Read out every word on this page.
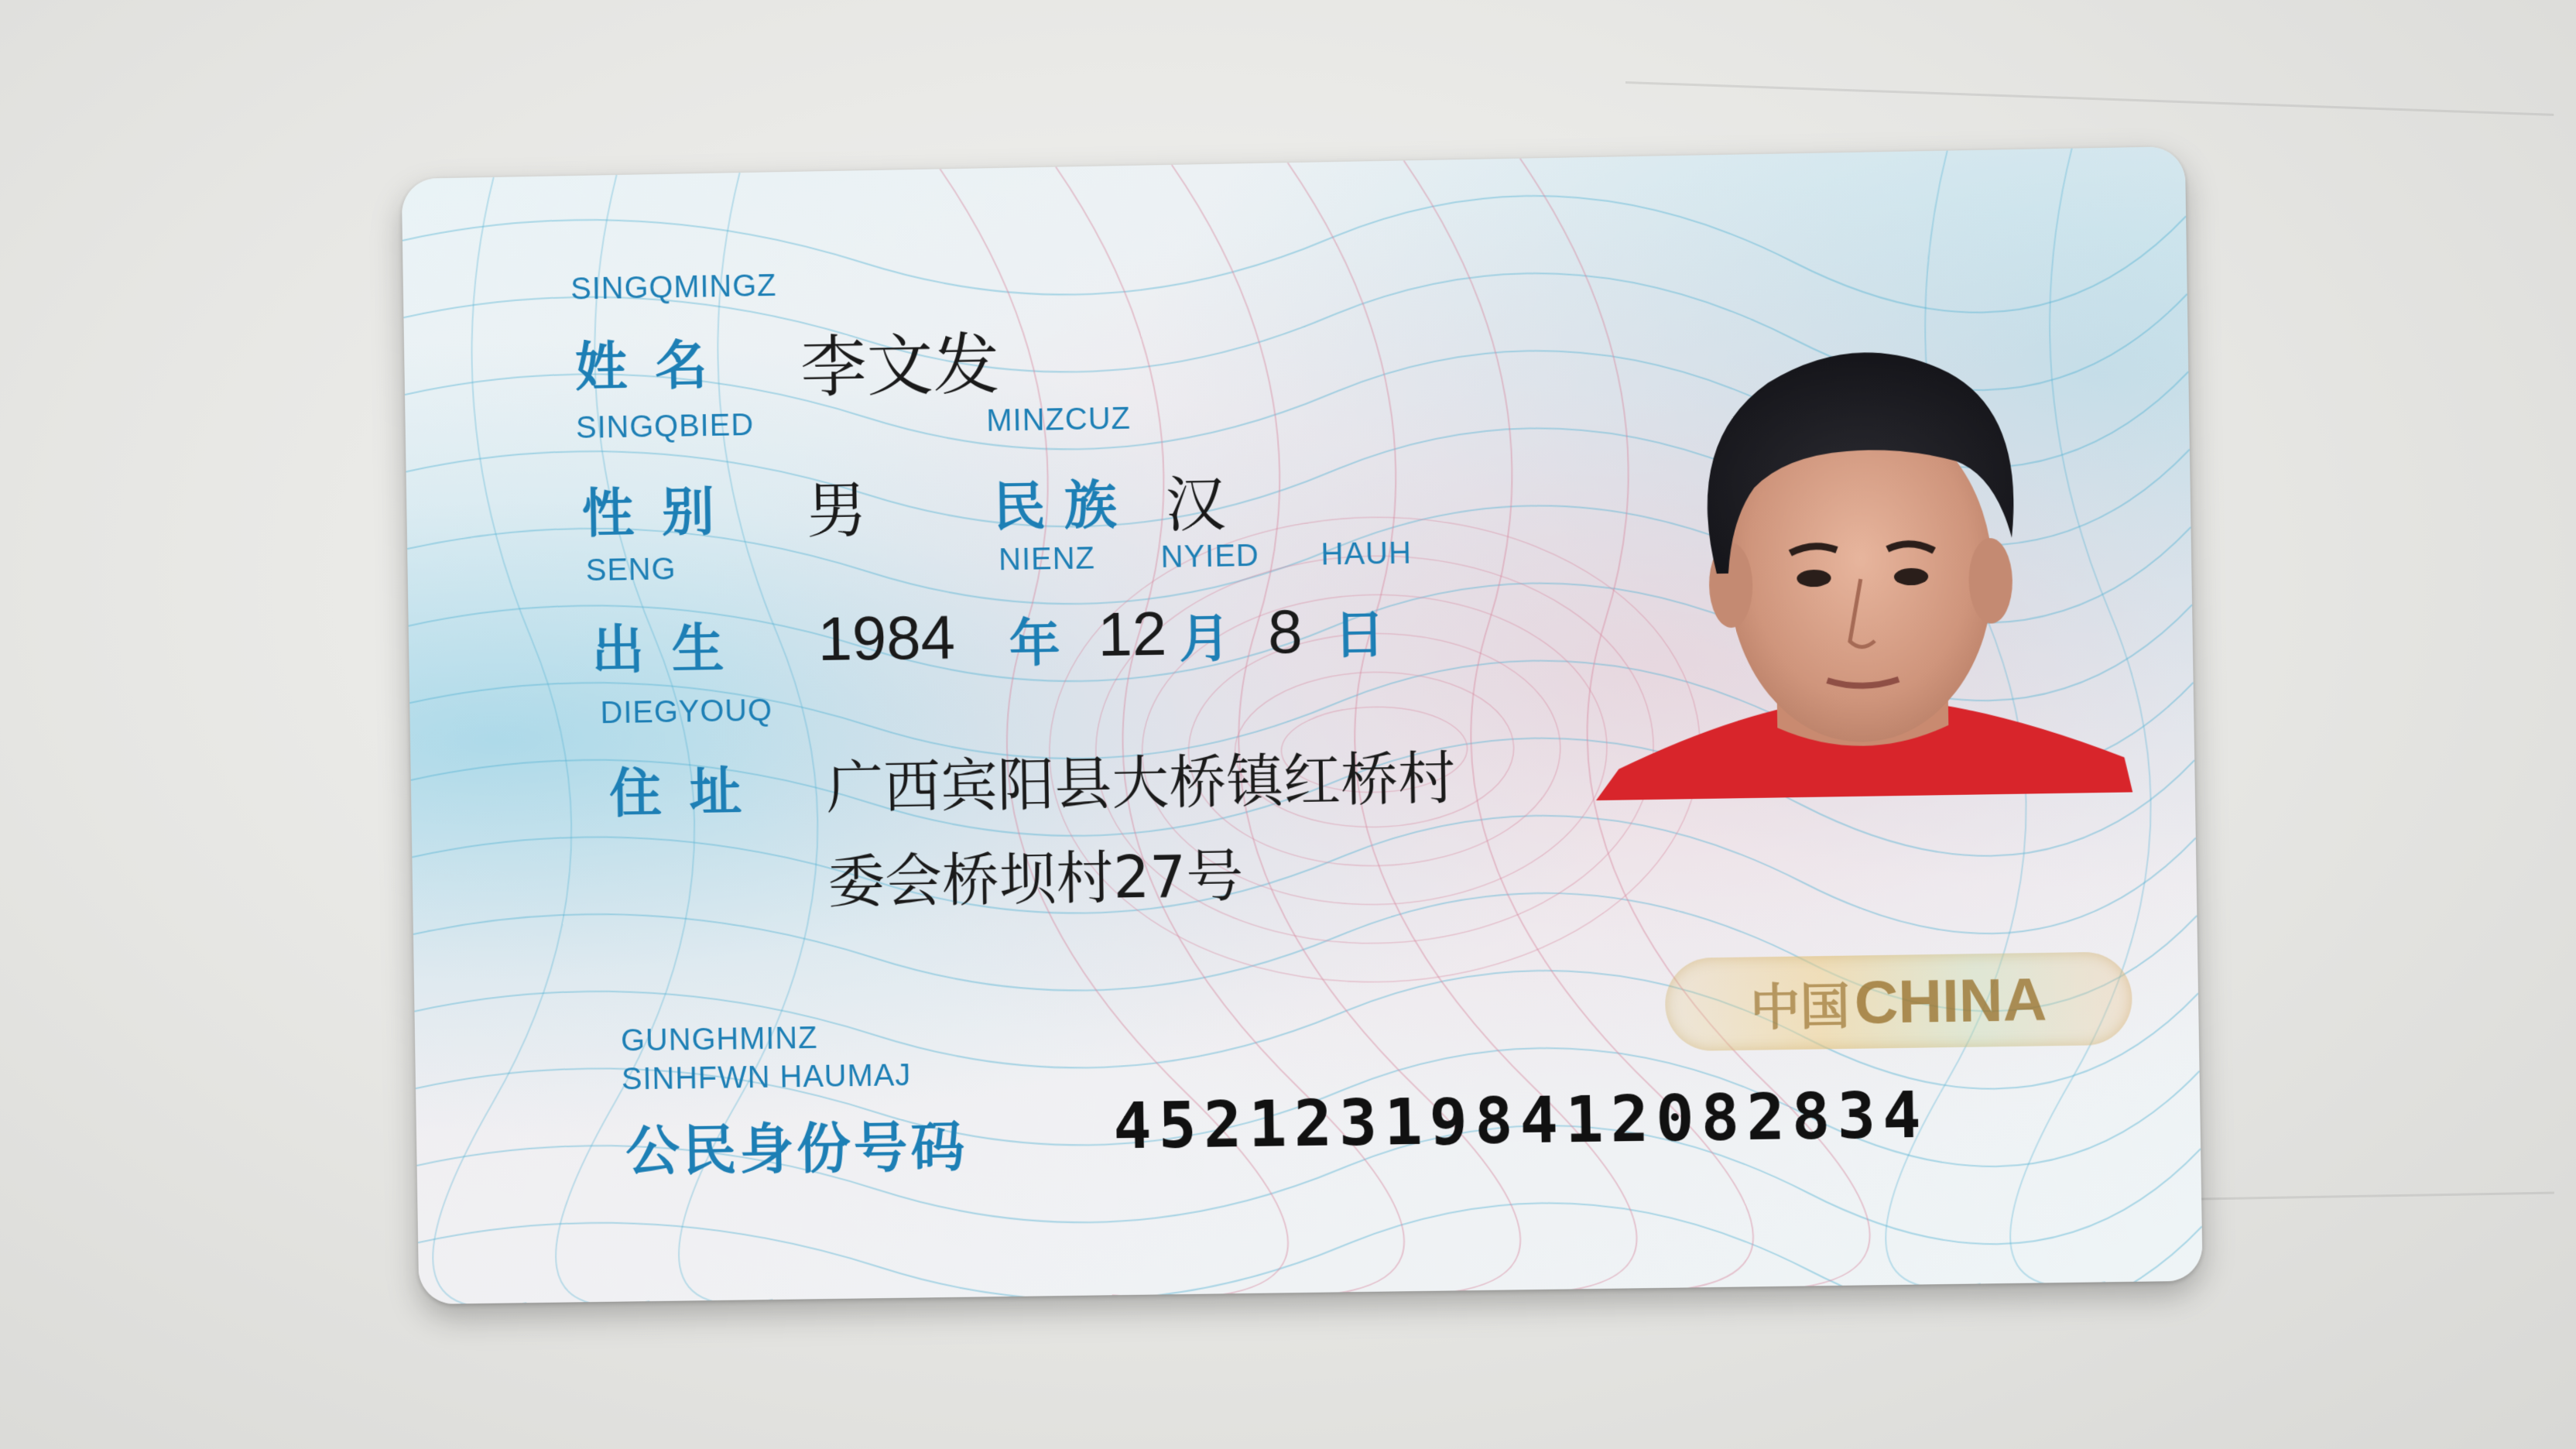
SINGQMINGZ
姓名 李文发
SINGQBIED	MINZCUZ
性别 男 民族 汉
SENG	NIENZ NYIED HAUH
出生 1984 年 12 月 8 日
DIEGYOUQ
住址 广西宾阳县大桥镇红桥村
委会桥坝村27号
GUNGHMINZ
SINHFWN HAUMAJ
公民身份号码 452123198412082834
中国 CHINA
